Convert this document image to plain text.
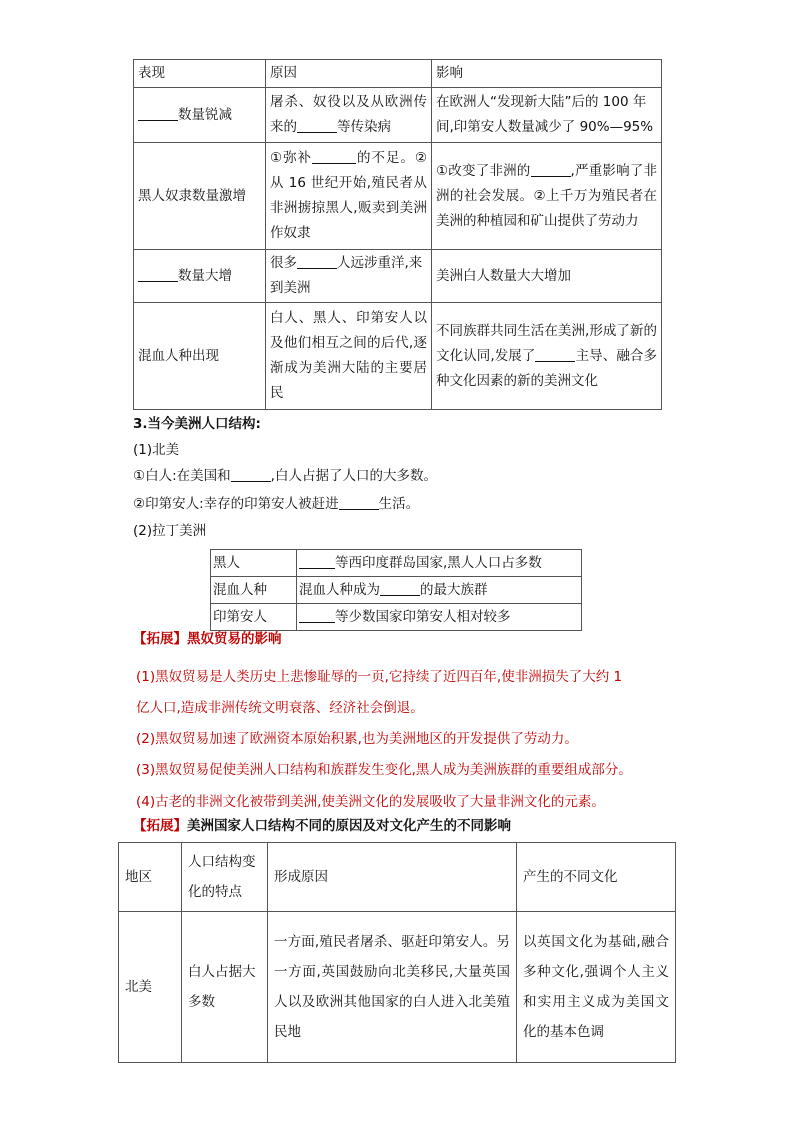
表现	原因	影响
数量锐减	屠杀、奴役以及从欧洲传来的 等传染病	在欧洲人“发现新大陆”后的 100 年间,印第安人数量减少了 90%—95%
黑人奴隶数量激增	①弥补 的不足。②从 16 世纪开始,殖民者从非洲掳掠黑人,贩卖到美洲作奴隶	①改变了非洲的 ,严重影响了非洲的社会发展。②上千万为殖民者在美洲的种植园和矿山提供了劳动力
数量大增	很多 人远涉重洋,来到美洲	美洲白人数量大大增加
混血人种出现	白人、黑人、印第安人以及他们相互之间的后代,逐渐成为美洲大陆的主要居民	不同族群共同生活在美洲,形成了新的文化认同,发展了 主导、融合多种文化因素的新的美洲文化
3.当今美洲人口结构:
(1)北美
①白人:在美国和	,白人占据了人口的大多数。
②印第安人:幸存的印第安人被赶进	生活。
(2)拉丁美洲
黑人	等西印度群岛国家,黑人人口占多数
混血人种	混血人种成为 的最大族群
印第安人	等少数国家印第安人相对较多
【拓展】黑奴贸易的影响
(1)黑奴贸易是人类历史上悲惨耻辱的一页,它持续了近四百年,使非洲损失了大约 1
亿人口,造成非洲传统文明衰落、经济社会倒退。
(2)黑奴贸易加速了欧洲资本原始积累,也为美洲地区的开发提供了劳动力。
(3)黑奴贸易促使美洲人口结构和族群发生变化,黑人成为美洲族群的重要组成部分。
(4)古老的非洲文化被带到美洲,使美洲文化的发展吸收了大量非洲文化的元素。
【拓展】美洲国家人口结构不同的原因及对文化产生的不同影响
地区	人口结构变化的特点	形成原因	产生的不同文化
北美	白人占据大多数	一方面,殖民者屠杀、驱赶印第安人。另一方面,英国鼓励向北美移民,大量英国人以及欧洲其他国家的白人进入北美殖民地	以英国文化为基础,融合多种文化,强调个人主义和实用主义成为美国文化的基本色调
